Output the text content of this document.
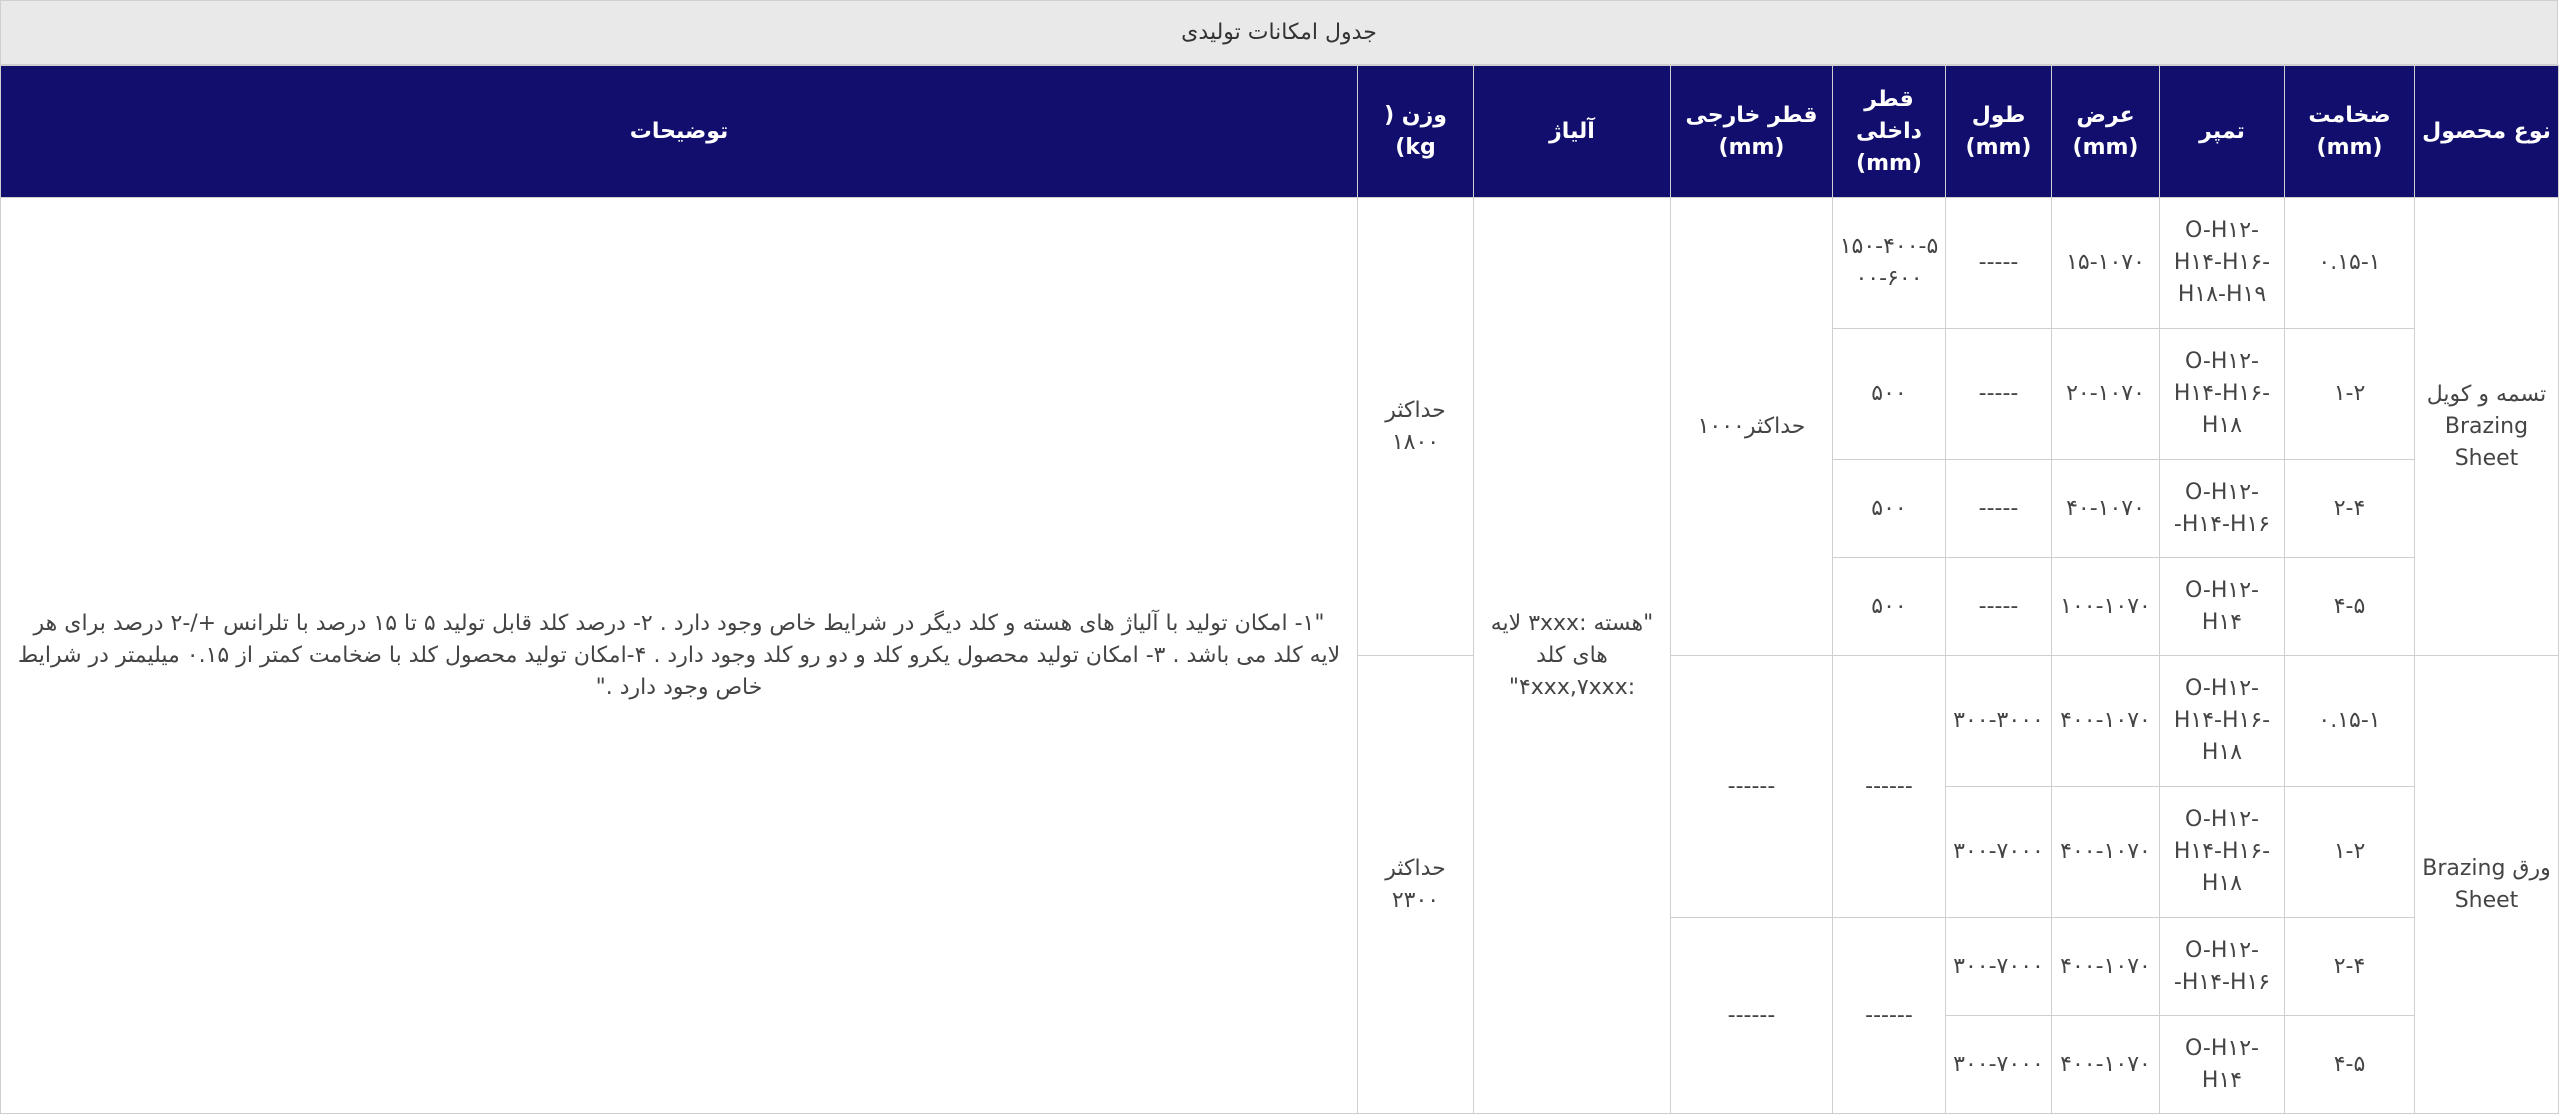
جدول امکانات تولیدی
نوع محصول	ضخامت (mm)	تمپر	عرض (mm)	طول (mm)	قطر داخلی (mm)	قطر خارجی (mm)	آلیاژ	وزن ( kg)	توضیحات
تسمه و کویل Brazing Sheet	۰.۱۵-۱	O-H۱۲-H۱۴-H۱۶-H۱۸-H۱۹	۱۵-۱۰۷۰	-----	۱۵۰-۴۰۰-۵۰۰-۶۰۰	حداکثر۱۰۰۰	"هسته :۳xxx لایه های کلد :۴xxx,۷xxx"	حداکثر ۱۸۰۰	"۱- امکان تولید با آلیاژ های هسته و کلد دیگر در شرایط خاص وجود دارد . ۲- درصد کلد قابل تولید ۵ تا ۱۵ درصد با تلرانس +/-۲ درصد برای هر لایه کلد می باشد . ۳- امکان تولید محصول یکرو کلد و دو رو کلد وجود دارد . ۴-امکان تولید محصول کلد با ضخامت کمتر از ۰.۱۵ میلیمتر در شرایط خاص وجود دارد ."
	۱-۲	O-H۱۲-H۱۴-H۱۶-H۱۸	۲۰-۱۰۷۰	-----	۵۰۰				
	۲-۴	O-H۱۲-H۱۴-H۱۶-	۴۰-۱۰۷۰	-----	۵۰۰				
	۴-۵	O-H۱۲-H۱۴	۱۰۰-۱۰۷۰	-----	۵۰۰				
ورق Brazing Sheet	۰.۱۵-۱	O-H۱۲-H۱۴-H۱۶-H۱۸	۴۰۰-۱۰۷۰	۳۰۰-۳۰۰۰	------	------		حداکثر ۲۳۰۰	
	۱-۲	O-H۱۲-H۱۴-H۱۶-H۱۸	۴۰۰-۱۰۷۰	۳۰۰-۷۰۰۰					
	۲-۴	O-H۱۲-H۱۴-H۱۶-	۴۰۰-۱۰۷۰	۳۰۰-۷۰۰۰	------	------			
	۴-۵	O-H۱۲-H۱۴	۴۰۰-۱۰۷۰	۳۰۰-۷۰۰۰					
